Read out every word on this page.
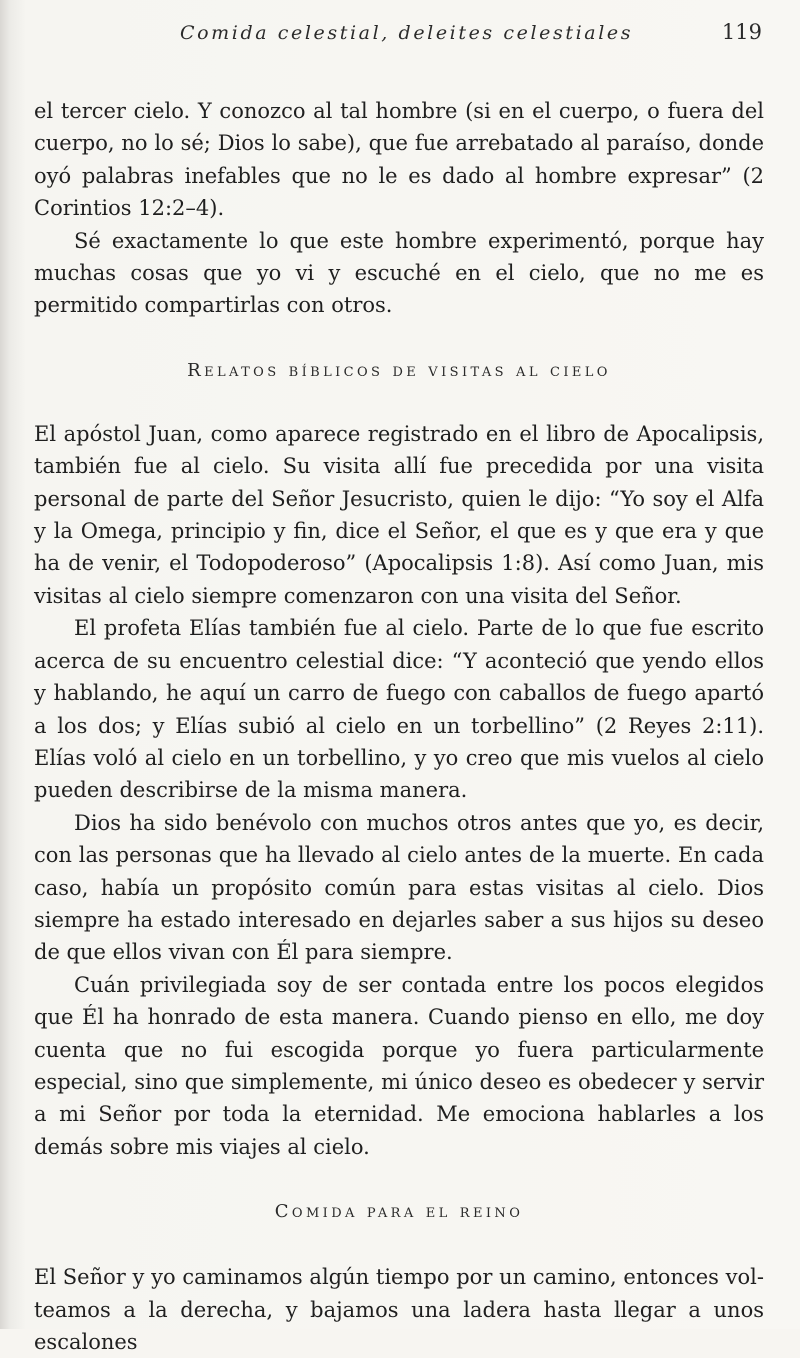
Comida celestial, deleites celestiales	119

el tercer cielo. Y conozco al tal hombre (si en el cuerpo, o fuera del cuerpo, no lo sé; Dios lo sabe), que fue arrebatado al paraíso, donde oyó palabras inefables que no le es dado al hombre expresar” (2 Corintios 12:2–4).

Sé exactamente lo que este hombre experimentó, porque hay muchas cosas que yo vi y escuché en el cielo, que no me es permitido compartirlas con otros.

Relatos bíblicos de visitas al cielo

El apóstol Juan, como aparece registrado en el libro de Apocalipsis, también fue al cielo. Su visita allí fue precedida por una visita personal de parte del Señor Jesucristo, quien le dijo: “Yo soy el Alfa y la Omega, principio y fin, dice el Señor, el que es y que era y que ha de venir, el Todopoderoso” (Apocalipsis 1:8). Así como Juan, mis visitas al cielo siempre comenzaron con una visita del Señor.

El profeta Elías también fue al cielo. Parte de lo que fue escrito acerca de su encuentro celestial dice: “Y aconteció que yendo ellos y hablando, he aquí un carro de fuego con caballos de fuego apartó a los dos; y Elías subió al cielo en un torbellino” (2 Reyes 2:11). Elías voló al cielo en un torbellino, y yo creo que mis vuelos al cielo pueden describirse de la misma manera.

Dios ha sido benévolo con muchos otros antes que yo, es decir, con las personas que ha llevado al cielo antes de la muerte. En cada caso, había un propósito común para estas visitas al cielo. Dios siempre ha estado interesado en dejarles saber a sus hijos su deseo de que ellos vivan con Él para siempre.

Cuán privilegiada soy de ser contada entre los pocos elegidos que Él ha honrado de esta manera. Cuando pienso en ello, me doy cuenta que no fui escogida porque yo fuera particularmente especial, sino que simplemente, mi único deseo es obedecer y servir a mi Señor por toda la eternidad. Me emociona hablarles a los demás sobre mis viajes al cielo.

Comida para el reino

El Señor y yo caminamos algún tiempo por un camino, entonces volteamos a la derecha, y bajamos una ladera hasta llegar a unos escalones
